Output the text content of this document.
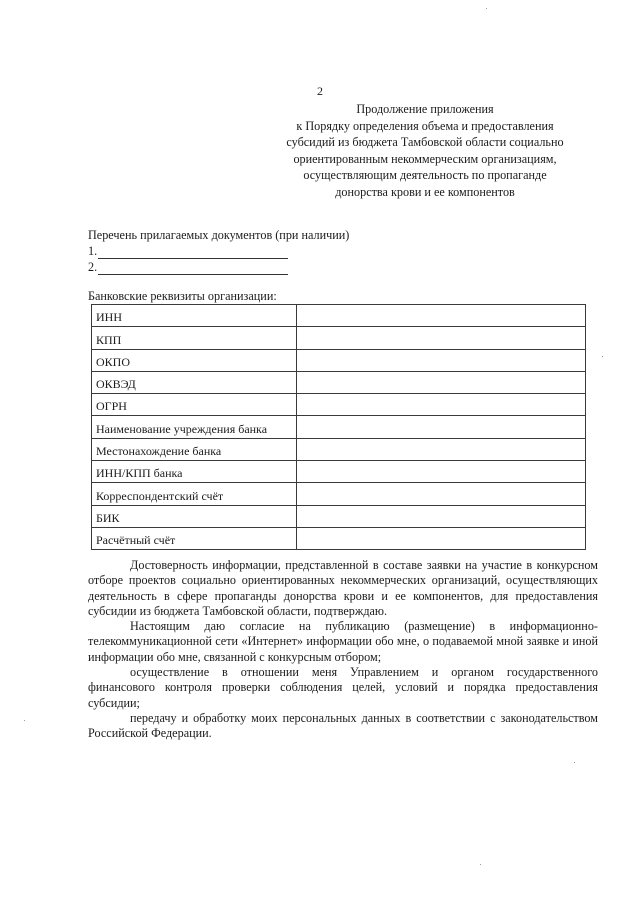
2
Продолжение приложения
к Порядку определения объема и предоставления
субсидий из бюджета Тамбовской области социально
ориентированным некоммерческим организациям,
осуществляющим деятельность по пропаганде
донорства крови и ее компонентов
Перечень прилагаемых документов (при наличии)
1.
2.
Банковские реквизиты организации:
ИНН	
КПП	
ОКПО	
ОКВЭД	
ОГРН	
Наименование учреждения банка	
Местонахождение банка	
ИНН/КПП банка	
Корреспондентский счёт	
БИК	
Расчётный счёт	

Достоверность информации, представленной в составе заявки на участие в конкурсном отборе проектов социально ориентированных некоммерческих организаций, осуществляющих деятельность в сфере пропаганды донорства крови и ее компонентов, для предоставления субсидии из бюджета Тамбовской области, подтверждаю.

Настоящим даю согласие на публикацию (размещение) в информационно-телекоммуникационной сети «Интернет» информации обо мне, о подаваемой мной заявке и иной информации обо мне, связанной с конкурсным отбором;

осуществление в отношении меня Управлением и органом государственного финансового контроля проверки соблюдения целей, условий и порядка предоставления субсидии;

передачу и обработку моих персональных данных в соответствии с законодательством Российской Федерации.
